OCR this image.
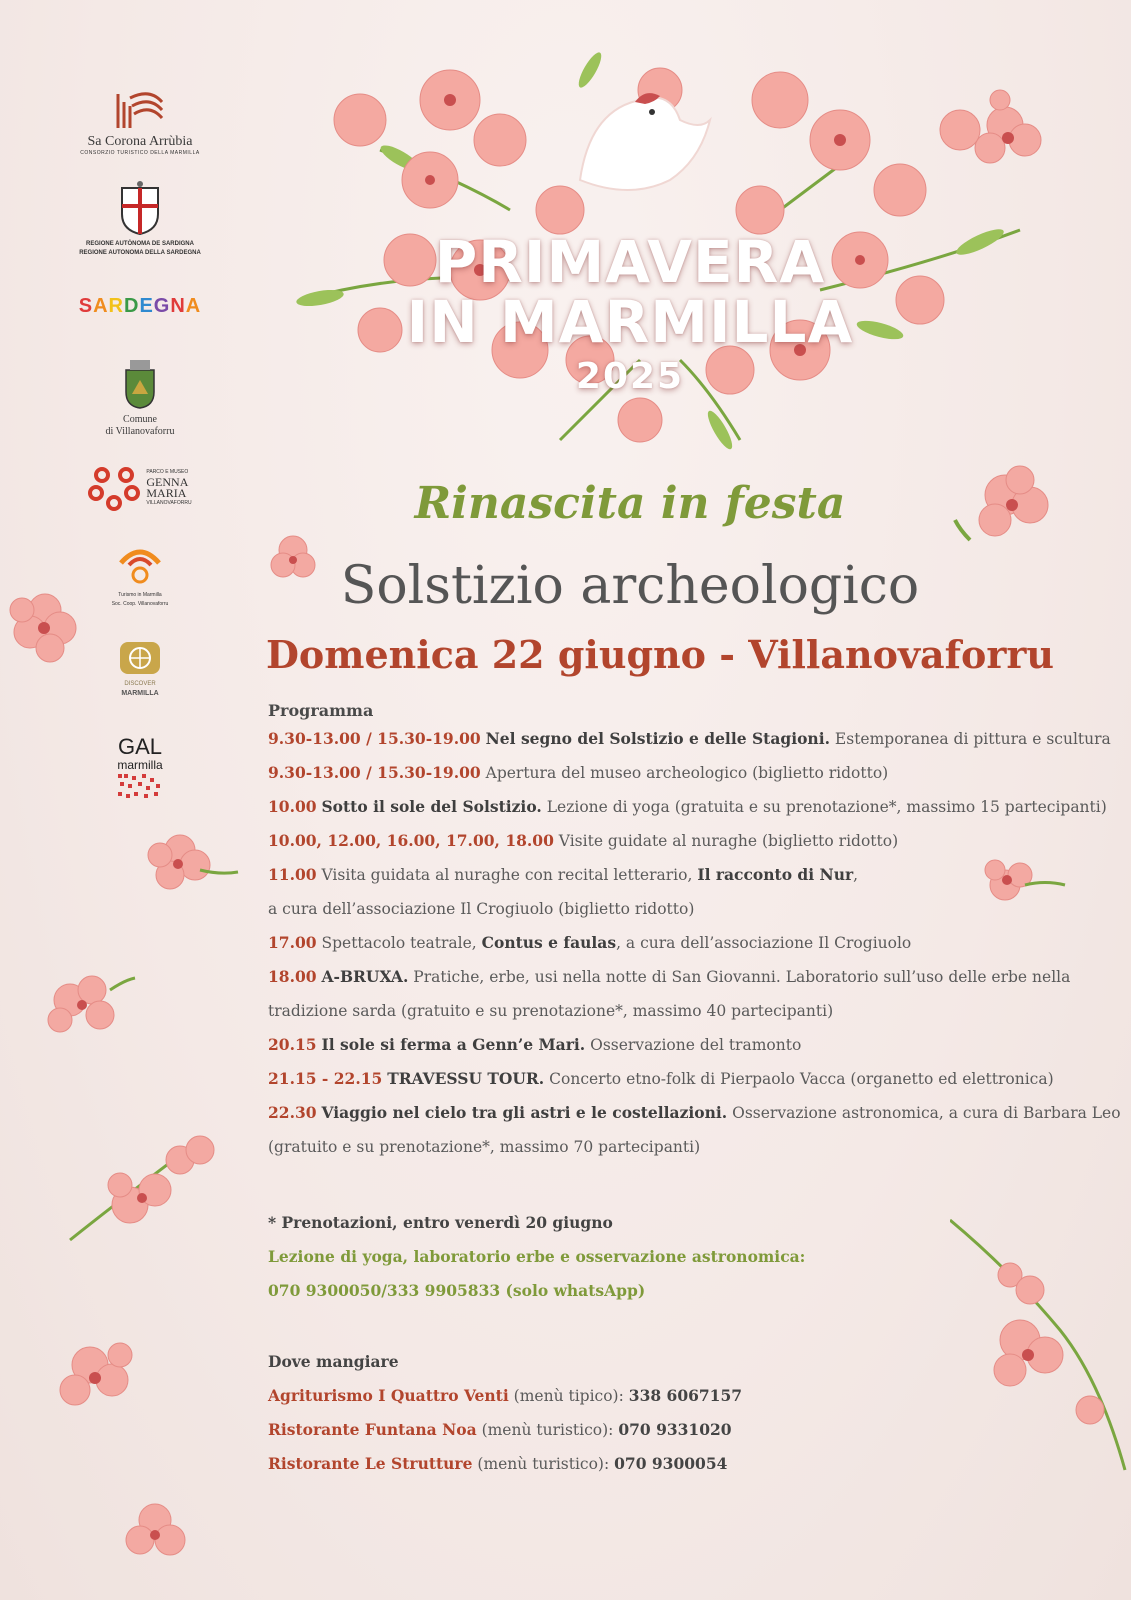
Sa Corona Arrùbia
CONSORZIO TURISTICO DELLA MARMILLA
REGIONE AUTÒNOMA DE SARDIGNA
REGIONE AUTONOMA DELLA SARDEGNA
SARDEGNA
Comune
di Villanovaforru
PARCO E MUSEO
GENNA
MARIA
VILLANOVAFORRU
Turismo in Marmilla
Soc. Coop. Villanovaforru
DISCOVER
MARMILLA
GAL
marmilla
PRIMAVERA
IN MARMILLA
2025
Rinascita in festa
Solstizio archeologico
Domenica 22 giugno - Villanovaforru
Programma
9.30-13.00 / 15.30-19.00 Nel segno del Solstizio e delle Stagioni. Estemporanea di pittura e scultura
9.30-13.00 / 15.30-19.00 Apertura del museo archeologico (biglietto ridotto)
10.00 Sotto il sole del Solstizio. Lezione di yoga (gratuita e su prenotazione*, massimo 15 partecipanti)
10.00, 12.00, 16.00, 17.00, 18.00 Visite guidate al nuraghe (biglietto ridotto)
11.00 Visita guidata al nuraghe con recital letterario, Il racconto di Nur,
a cura dell’associazione Il Crogiuolo (biglietto ridotto)
17.00 Spettacolo teatrale, Contus e faulas, a cura dell’associazione Il Crogiuolo
18.00 A-BRUXA. Pratiche, erbe, usi nella notte di San Giovanni. Laboratorio sull’uso delle erbe nella
tradizione sarda (gratuito e su prenotazione*, massimo 40 partecipanti)
20.15 Il sole si ferma a Genn’e Mari. Osservazione del tramonto
21.15 - 22.15 TRAVESSU TOUR. Concerto etno-folk di Pierpaolo Vacca (organetto ed elettronica)
22.30 Viaggio nel cielo tra gli astri e le costellazioni. Osservazione astronomica, a cura di Barbara Leo
(gratuito e su prenotazione*, massimo 70 partecipanti)
* Prenotazioni, entro venerdì 20 giugno
Lezione di yoga, laboratorio erbe e osservazione astronomica:
070 9300050/333 9905833 (solo whatsApp)
Dove mangiare
Agriturismo I Quattro Venti (menù tipico): 338 6067157
Ristorante Funtana Noa (menù turistico): 070 9331020
Ristorante Le Strutture (menù turistico): 070 9300054
